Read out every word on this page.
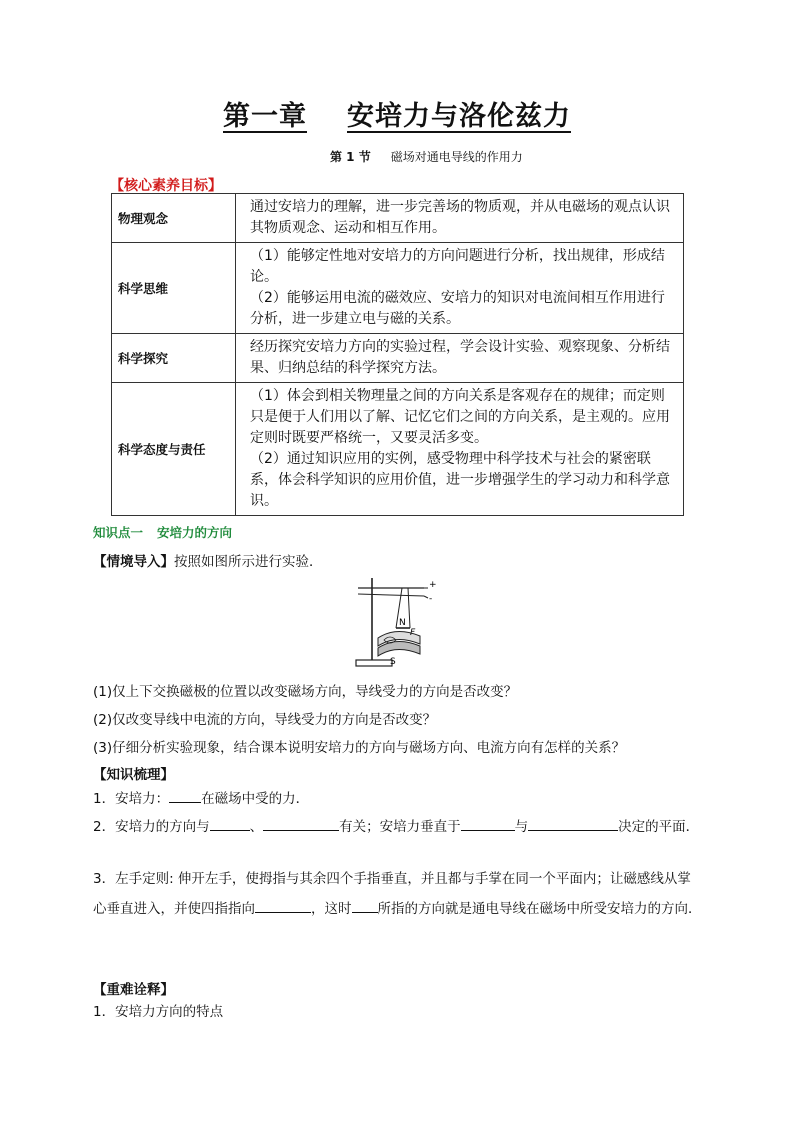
第一章 安培力与洛伦兹力
第 1 节 磁场对通电导线的作用力
【核心素养目标】
物理观念	通过安培力的理解，进一步完善场的物质观，并从电磁场的观点认识其物质观念、运动和相互作用。

科学思维	（1）能够定性地对安培力的方向问题进行分析，找出规律，形成结论。

（2）能够运用电流的磁效应、安培力的知识对电流间相互作用进行分析，进一步建立电与磁的关系。

科学探究	经历探究安培力方向的实验过程，学会设计实验、观察现象、分析结果、归纳总结的科学探究方法。

科学态度与责任	（1）体会到相关物理量之间的方向关系是客观存在的规律；而定则只是便于人们用以了解、记忆它们之间的方向关系，是主观的。应用定则时既要严格统一，又要灵活多变。

（2）通过知识应用的实例，感受物理中科学技术与社会的紧密联系，体会科学知识的应用价值，进一步增强学生的学习动力和科学意识。

知识点一 安培力的方向
【情境导入】按照如图所示进行实验．
+
-
N
F
S
(1)仅上下交换磁极的位置以改变磁场方向，导线受力的方向是否改变？
(2)仅改变导线中电流的方向，导线受力的方向是否改变？
(3)仔细分析实验现象，结合课本说明安培力的方向与磁场方向、电流方向有怎样的关系？
【知识梳理】
1．安培力： 在磁场中受的力．
2．安培力的方向与	、	有关；安培力垂直于	与	决定的平面．
3．左手定则: 伸开左手，使拇指与其余四个手指垂直，并且都与手掌在同一个平面内；让磁感线从掌心垂直进入，并使四指指向	，这时 所指的方向就是通电导线在磁场中所受安培力的方向．
【重难诠释】
1．安培力方向的特点
